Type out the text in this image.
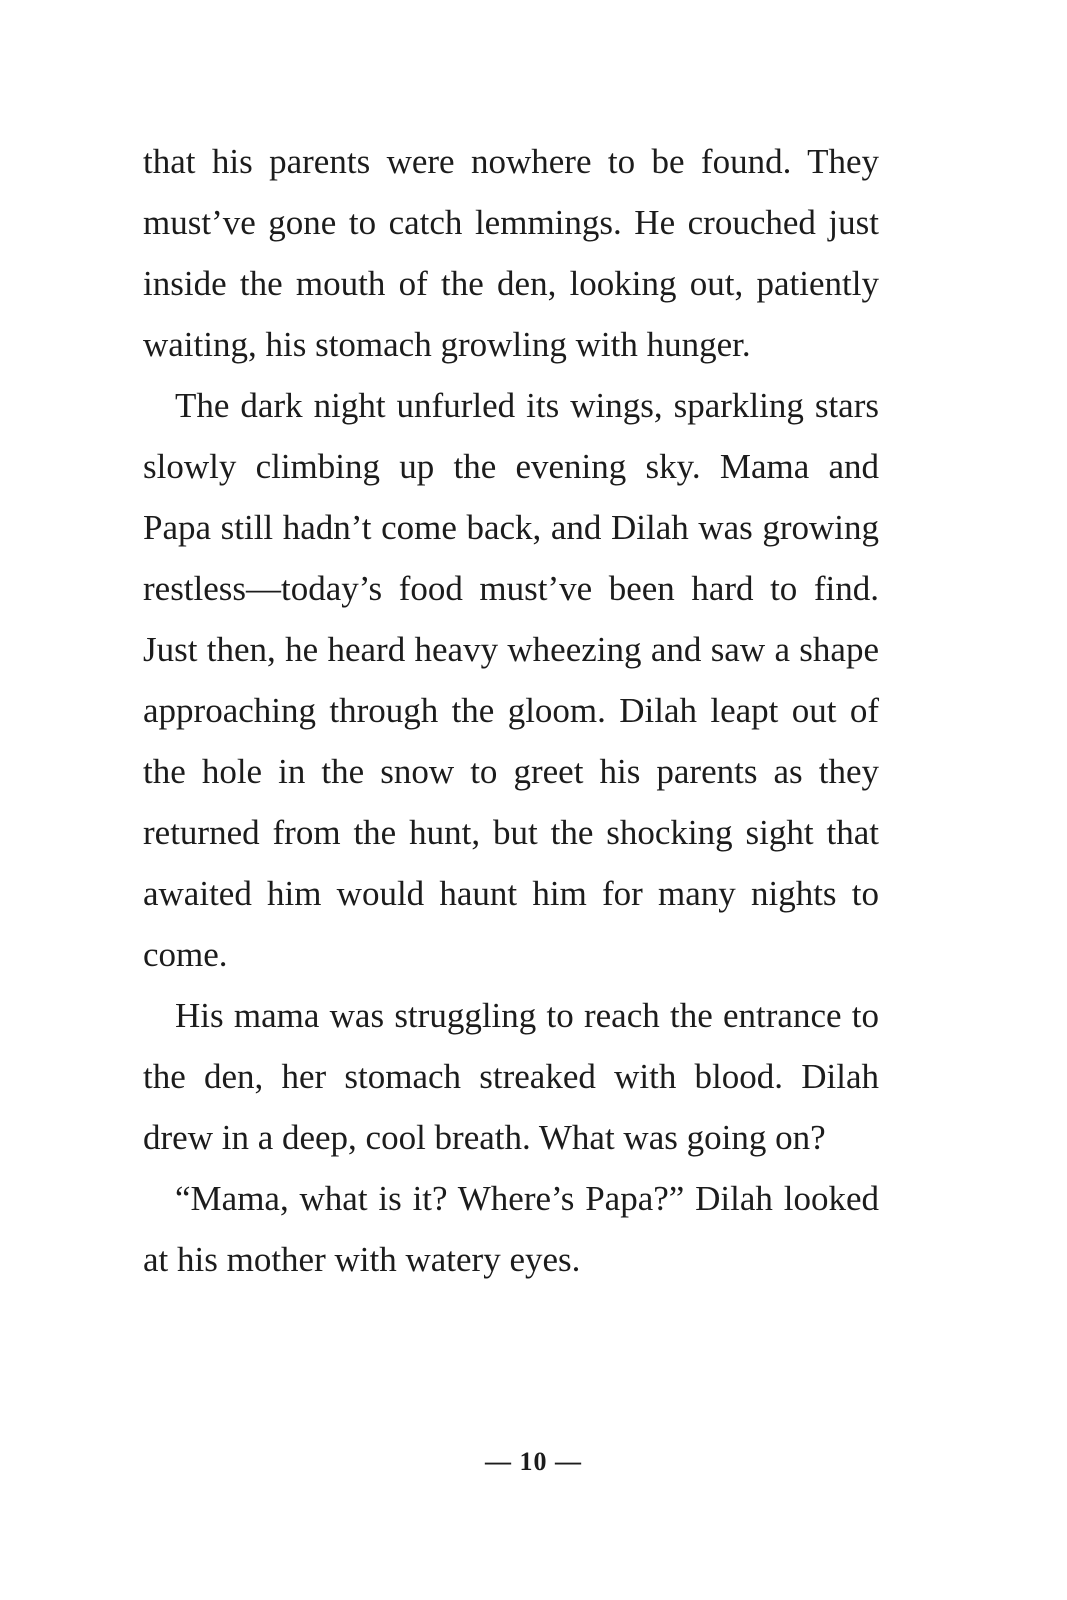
that his parents were nowhere to be found. They must’ve gone to catch lemmings. He crouched just inside the mouth of the den, looking out, patiently waiting, his stomach growling with hunger.

The dark night unfurled its wings, sparkling stars slowly climbing up the evening sky. Mama and Papa still hadn’t come back, and Dilah was growing restless—today’s food must’ve been hard to find. Just then, he heard heavy wheezing and saw a shape approaching through the gloom. Dilah leapt out of the hole in the snow to greet his parents as they returned from the hunt, but the shocking sight that awaited him would haunt him for many nights to come.

His mama was struggling to reach the entrance to the den, her stomach streaked with blood. Dilah drew in a deep, cool breath. What was going on?

“Mama, what is it? Where’s Papa?” Dilah looked at his mother with watery eyes.

— 10 —
